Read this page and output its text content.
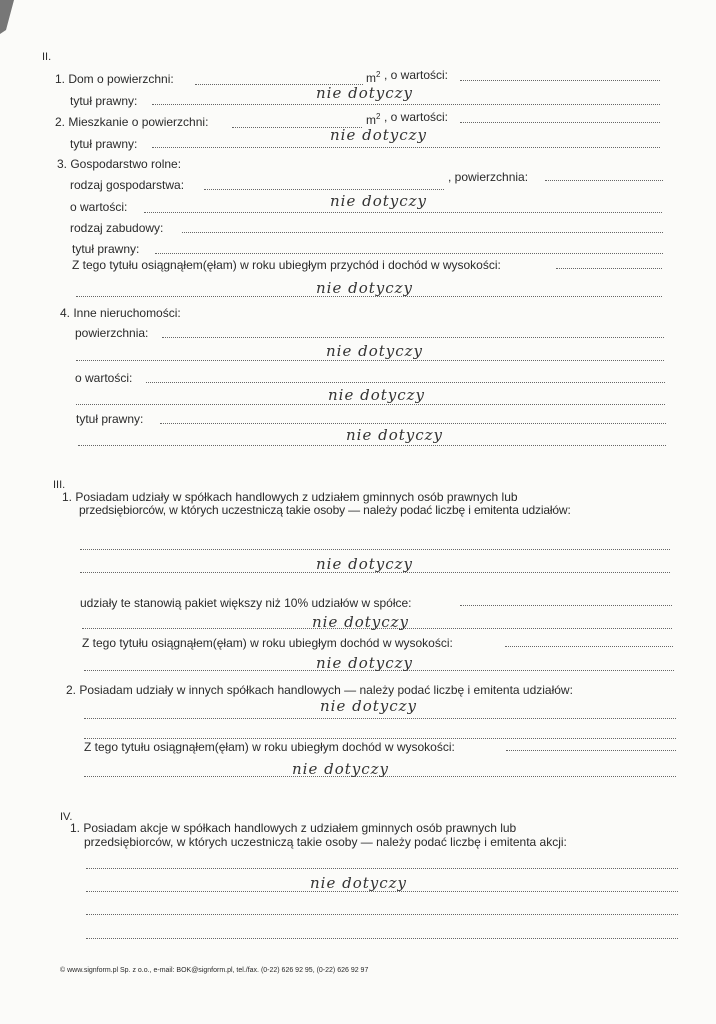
II.
1. Dom o powierzchni:	$m^2$ , o wartości:
tytuł prawny:	nie dotyczy
2. Mieszkanie o powierzchni:	$m^2$ , o wartości:
tytuł prawny:	nie dotyczy
3. Gospodarstwo rolne:
rodzaj gospodarstwa:
, powierzchnia:
o wartości:	nie dotyczy
rodzaj zabudowy:
tytuł prawny:
Z tego tytułu osiągnąłem(ęłam) w roku ubiegłym przychód i dochód w wysokości:
nie dotyczy
4. Inne nieruchomości:
powierzchnia:
nie dotyczy
o wartości:
nie dotyczy
tytuł prawny:
nie dotyczy
III.
1. Posiadam udziały w spółkach handlowych z udziałem gminnych osób prawnych lub
przedsiębiorców, w których uczestniczą takie osoby — należy podać liczbę i emitenta udziałów:
nie dotyczy
udziały te stanowią pakiet większy niż 10% udziałów w spółce:
nie dotyczy
Z tego tytułu osiągnąłem(ęłam) w roku ubiegłym dochód w wysokości:
nie dotyczy
2. Posiadam udziały w innych spółkach handlowych — należy podać liczbę i emitenta udziałów:
nie dotyczy
Z tego tytułu osiągnąłem(ęłam) w roku ubiegłym dochód w wysokości:
nie dotyczy
IV.
1. Posiadam akcje w spółkach handlowych z udziałem gminnych osób prawnych lub
przedsiębiorców, w których uczestniczą takie osoby — należy podać liczbę i emitenta akcji:
nie dotyczy
© www.signform.pl Sp. z o.o., e-mail: BOK@signform.pl, tel./fax. (0-22) 626 92 95, (0-22) 626 92 97
